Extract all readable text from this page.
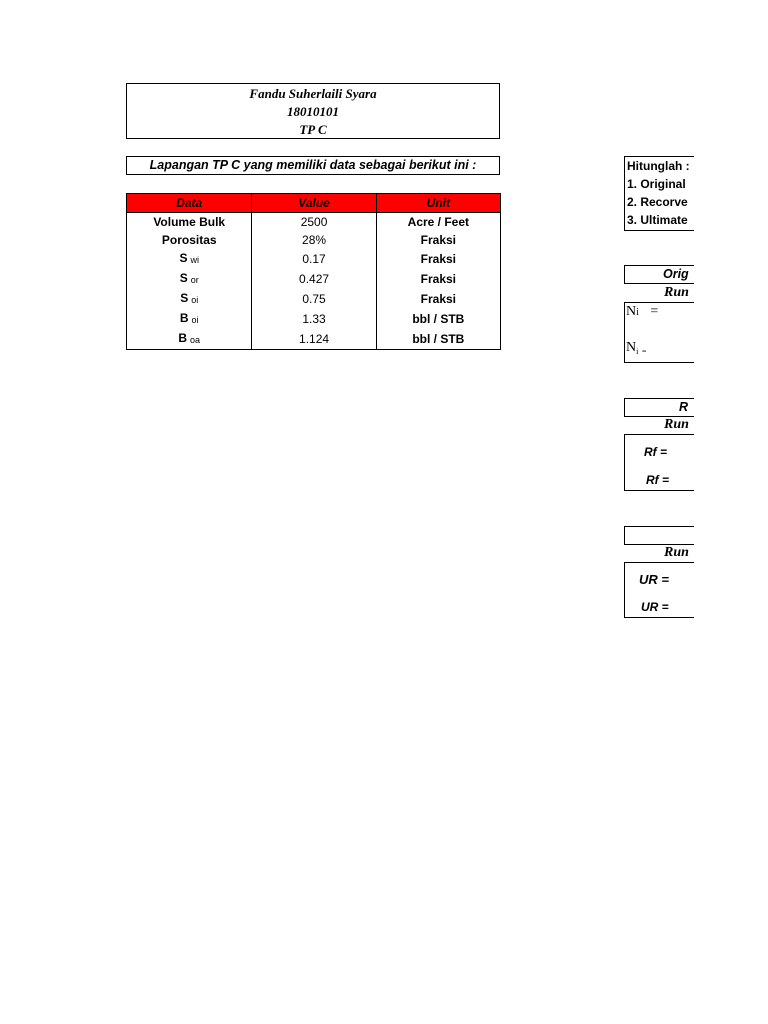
Fandu Suherlaili Syara
18010101
TP C
Lapangan TP C yang memiliki data sebagai berikut ini :
Data	Value	Unit
Volume Bulk	2500	Acre / Feet
Porositas	28%	Fraksi
S wi	0.17	Fraksi
S or	0.427	Fraksi
S oi	0.75	Fraksi
B oi	1.33	bbl / STB
B oa	1.124	bbl / STB
Hitunglah :
1. Original
2. Recorve
3. Ultimate
Orig
Run
Ni =
$N_i$ $_=$
R
Run
Rf =
Rf =
Run
UR =
UR =
